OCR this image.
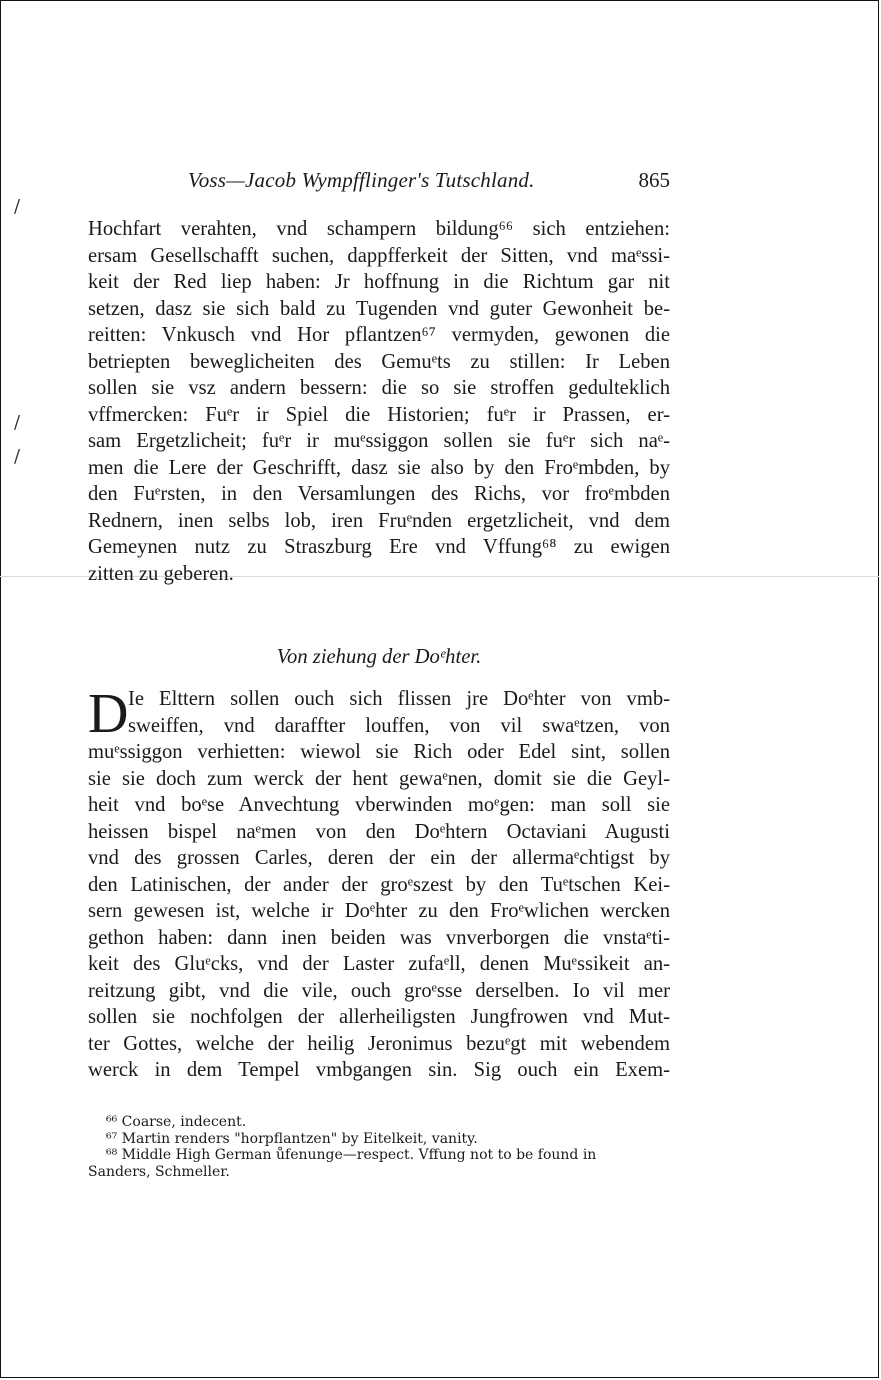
/
/
/
Voss—Jacob Wympfflinger's Tutschland.	865
Hochfart verahten, vnd schampern bildung⁶⁶ sich entziehen:
ersam Gesellschafft suchen, dappfferkeit der Sitten, vnd maᵉssi-
keit der Red liep haben: Jr hoffnung in die Richtum gar nit
setzen, dasz sie sich bald zu Tugenden vnd guter Gewonheit be-
reitten: Vnkusch vnd Hor pflantzen⁶⁷ vermyden, gewonen die
betriepten beweglicheiten des Gemuᵉts zu stillen: Ir Leben
sollen sie vsz andern bessern: die so sie stroffen gedulteklich
vffmercken: Fuᵉr ir Spiel die Historien; fuᵉr ir Prassen, er-
sam Ergetzlicheit; fuᵉr ir muᵉssiggon sollen sie fuᵉr sich naᵉ-
men die Lere der Geschrifft, dasz sie also by den Froᵉmbden, by
den Fuᵉrsten, in den Versamlungen des Richs, vor froᵉmbden
Rednern, inen selbs lob, iren Fruᵉnden ergetzlicheit, vnd dem
Gemeynen nutz zu Straszburg Ere vnd Vffung⁶⁸ zu ewigen
zitten zu geberen.
Von ziehung der Doᵉhter.
D Ie Elttern sollen ouch sich flissen jre Doᵉhter von vmb-
sweiffen, vnd daraffter louffen, von vil swaᵉtzen, von
muᵉssiggon verhietten: wiewol sie Rich oder Edel sint, sollen
sie sie doch zum werck der hent gewaᵉnen, domit sie die Geyl-
heit vnd boᵉse Anvechtung vberwinden moᵉgen: man soll sie
heissen bispel naᵉmen von den Doᵉhtern Octaviani Augusti
vnd des grossen Carles, deren der ein der allermaᵉchtigst by
den Latinischen, der ander der groᵉszest by den Tuᵉtschen Kei-
sern gewesen ist, welche ir Doᵉhter zu den Froᵉwlichen wercken
gethon haben: dann inen beiden was vnverborgen die vnstaᵉti-
keit des Gluᵉcks, vnd der Laster zufaᵉll, denen Muᵉssikeit an-
reitzung gibt, vnd die vile, ouch groᵉsse derselben. Io vil mer
sollen sie nochfolgen der allerheiligsten Jungfrowen vnd Mut-
ter Gottes, welche der heilig Jeronimus bezuᵉgt mit webendem
werck in dem Tempel vmbgangen sin. Sig ouch ein Exem-
⁶⁶ Coarse, indecent.
⁶⁷ Martin renders "horpflantzen" by Eitelkeit, vanity.
⁶⁸ Middle High German ůfenunge—respect. Vffung not to be found in
Sanders, Schmeller.
